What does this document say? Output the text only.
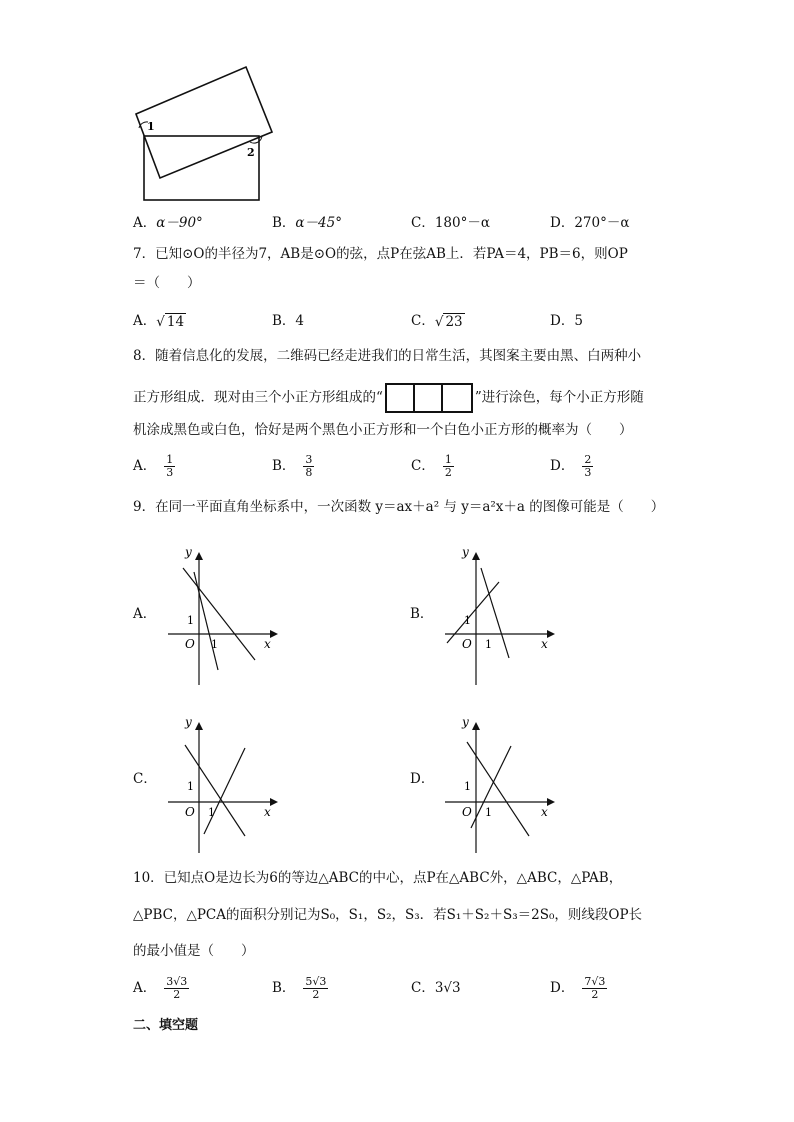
1
2
A．α－90°	B．α－45°	C．180°－α	D．270°－α
7．已知⊙O的半径为7，AB是⊙O的弦，点P在弦AB上．若PA＝4，PB＝6，则OP
＝（　　）
A．√ 14	B．4	C．√ 23	D．5
8．随着信息化的发展，二维码已经走进我们的日常生活，其图案主要由黑、白两种小
正方形组成．现对由三个小正方形组成的“	”进行涂色，每个小正方形随
机涂成黑色或白色，恰好是两个黑色小正方形和一个白色小正方形的概率为（　　）
A． $\frac{1}{3}$	B． $\frac{3}{8}$	C． $\frac{1}{2}$	D． $\frac{2}{3}$
9．在同一平面直角坐标系中，一次函数 y＝ax＋a² 与 y＝a²x＋a 的图像可能是（　　）
A．
y
x
O
1
1
B．
y
x
O
1
1
C．
y
x
O
1
1
D．
y
x
O
1
1
10．已知点O是边长为6的等边△ABC的中心，点P在△ABC外，△ABC，△PAB，
△PBC，△PCA的面积分别记为S₀，S₁，S₂，S₃．若S₁＋S₂＋S₃＝2S₀，则线段OP长
的最小值是（　　）
A． $\frac{3√3}{2}$	B． $\frac{5√3}{2}$	C．3√3	D． $\frac{7√3}{2}$
二、填空题
